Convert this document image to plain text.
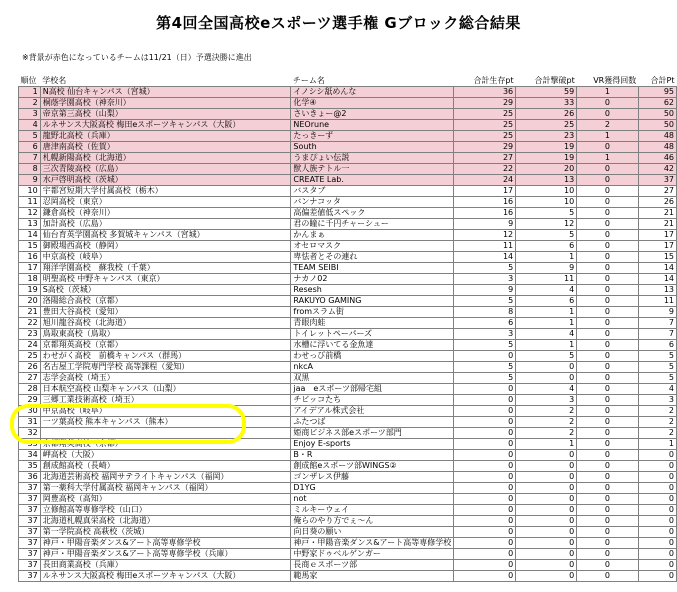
第4回全国高校eスポーツ選手権 Gブロック総合結果
※背景が赤色になっているチームは11/21（日）予選決勝に進出
順位	学校名	チーム名	合計生存pt	合計撃破pt	VR獲得回数	合計Pt
1	N高校 仙台キャンパス（宮城）	イノシシ舐めんな	36	59	1	95
2	桐蔭学園高校（神奈川）	化学④	29	33	0	62
3	帝京第三高校（山梨）	さいきょー@2	25	26	0	50
4	ルネサンス大阪高校 梅田eスポーツキャンパス（大阪）	NEOrune	25	25	2	50
5	龍野北高校（兵庫）	たっきーず	25	23	1	48
6	唐津南高校（佐賀）	South	29	19	0	48
7	札幌新陽高校（北海道）	うまぴょい伝説	27	19	1	46
8	三次青陵高校（広島）	獣人族テトル一	22	20	0	42
9	水戸啓明高校（茨城）	CREATE Lab.	24	13	0	37
10	宇都宮短期大学付属高校（栃木）	バスタブ	17	10	0	27
11	忍岡高校（東京）	バンナコッタ	16	10	0	26
12	鎌倉高校（神奈川）	高偏差値低スペック	16	5	0	21
13	加計高校（広島）	君の瞳に千円チャーシュー	9	12	0	21
14	仙台育英学園高校 多賀城キャンパス（宮城）	かんまぁ	12	5	0	17
15	御殿場西高校（静岡）	オセロマスク	11	6	0	17
16	中京高校（岐阜）	卑怯者とその連れ	14	1	0	15
17	翔洋学園高校　蘇我校（千葉）	TEAM SEIBI	5	9	0	14
18	明聖高校 中野キャンパス（東京）	ナカノ02	3	11	0	14
19	S高校（茨城）	Resesh	9	4	0	13
20	洛陽総合高校（京都）	RAKUYO GAMING	5	6	0	11
21	豊田大谷高校（愛知）	fromスラム街	8	1	0	9
22	旭川龍谷高校（北海道）	青眼肉蛙	6	1	0	7
23	鳥取東高校（鳥取）	トイレットペーパーズ	3	4	0	7
24	京都翔英高校（京都）	水槽に浮いてる金魚達	5	1	0	6
25	わせがく高校　前橋キャンパス（群馬）	わせっび前橋	0	5	0	5
26	名古屋工学院専門学校 高等課程（愛知）	nkcA	5	0	0	5
27	志学会高校（埼玉）	双黒	5	0	0	5
28	日本航空高校 山梨キャンパス（山梨）	jaa　eスポーツ部帰宅組	0	4	0	4
29	三郷工業技術高校（埼玉）	チビッコたち	0	3	0	3
30	中京高校（岐阜）	アイデアル株式会社	0	2	0	2
31	一ツ葉高校 熊本キャンパス（熊本）	ふたつば	0	2	0	2
32		姫商ビジネス部eスポーツ部門	0	2	0	2
33	京都翔英高校（京都）	Enjoy E-sports	0	1	0	1
34	岬高校（大阪）	B・R	0	0	0	0
35	創成館高校（長崎）	創成館eスポーツ部WINGS②	0	0	0	0
36	北海道芸術高校 福岡サテライトキャンパス（福岡）	ゴンザレス伊藤	0	0	0	0
37	第一薬科大学付属高校 福岡キャンパス（福岡）	D1YG	0	0	0	0
37	岡豊高校（高知）	not	0	0	0	0
37	立修館高等専修学校（山口）	ミルキーウェイ	0	0	0	0
37	北海道札幌真栄高校（北海道）	俺らのやり方でぇ～ん	0	0	0	0
37	第一学院高校 高萩校（茨城）	向日葵の願い	0	0	0	0
37	神戸・甲陽音楽ダンス&アート高等専修学校	神戸・甲陽音楽ダンス&アート高等専修学校	0	0	0	0
37	神戸・甲陽音楽ダンス&アート高等専修学校（兵庫）	中野家ドゥベルゲンガー	0	0	0	0
37	長田商業高校（兵庫）	長商ｅスポーツ部	0	0	0	0
37	ルネサンス大阪高校 梅田eスポーツキャンパス（大阪）	範馬家	0	0	0	0
